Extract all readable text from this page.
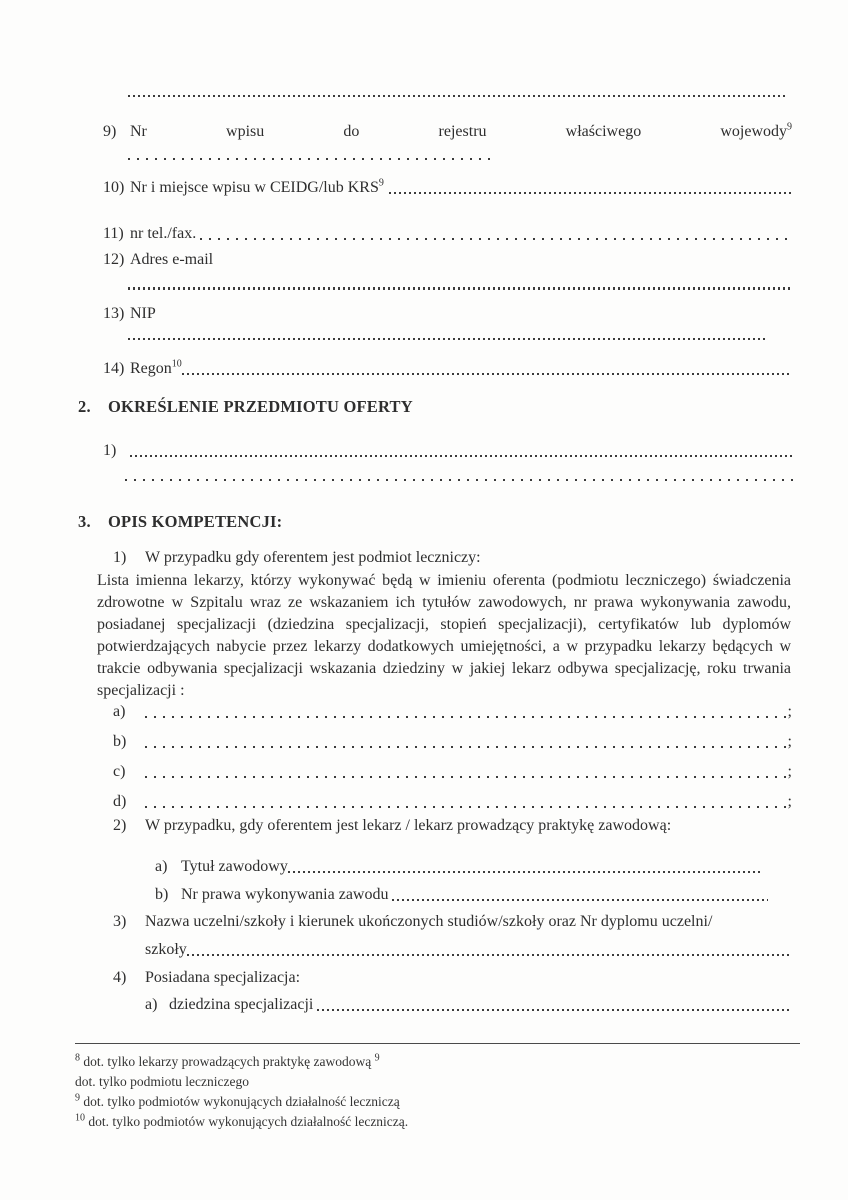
9) Nr	wpisu	do	rejestru	właściwego	wojewody$^9$
10) Nr i miejsce wpisu w CEIDG/lub KRS$^9$
11) nr tel./fax.
12) Adres e-mail
13) NIP
14) Regon$^{10}$
2.	OKREŚLENIE PRZEDMIOTU OFERTY
1)
3.	OPIS KOMPETENCJI:
1)	W przypadku gdy oferentem jest podmiot leczniczy:
Lista imienna lekarzy, którzy wykonywać będą w imieniu oferenta (podmiotu leczniczego) świadczenia zdrowotne w Szpitalu wraz ze wskazaniem ich tytułów zawodowych, nr prawa wykonywania zawodu, posiadanej specjalizacji (dziedzina specjalizacji, stopień specjalizacji), certyfikatów lub dyplomów potwierdzających nabycie przez lekarzy dodatkowych umiejętności, a w przypadku lekarzy będących w trakcie odbywania specjalizacji wskazania dziedziny w jakiej lekarz odbywa specjalizację, roku trwania specjalizacji :
a)	;
b)	;
c)	;
d)	;
2)	W przypadku, gdy oferentem jest lekarz / lekarz prowadzący praktykę zawodową:
a) Tytuł zawodowy
b) Nr prawa wykonywania zawodu
3)	Nazwa uczelni/szkoły i kierunek ukończonych studiów/szkoły oraz Nr dyplomu uczelni/
szkoły
4)	Posiadana specjalizacja:
a) dziedzina specjalizacji
$^8$ dot. tylko lekarzy prowadzących praktykę zawodową $^9$
dot. tylko podmiotu leczniczego
$^9$ dot. tylko podmiotów wykonujących działalność leczniczą
$^{10}$ dot. tylko podmiotów wykonujących działalność leczniczą.
